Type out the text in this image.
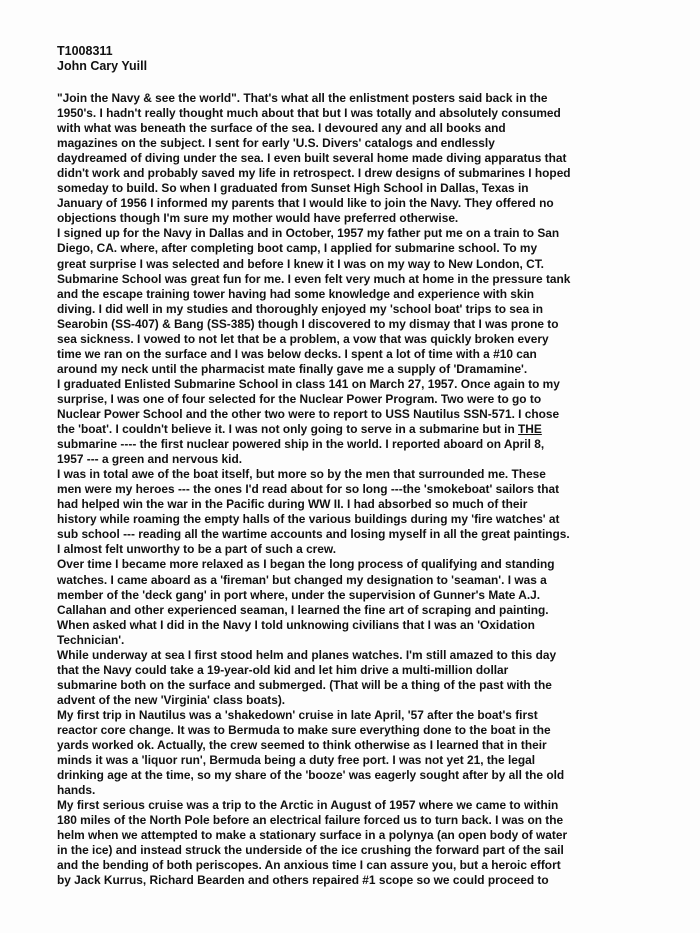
T1008311
John Cary Yuill
"Join the Navy & see the world". That's what all the enlistment posters said back in the
1950's. I hadn't really thought much about that but I was totally and absolutely consumed
with what was beneath the surface of the sea. I devoured any and all books and
magazines on the subject. I sent for early 'U.S. Divers' catalogs and endlessly
daydreamed of diving under the sea. I even built several home made diving apparatus that
didn't work and probably saved my life in retrospect. I drew designs of submarines I hoped
someday to build. So when I graduated from Sunset High School in Dallas, Texas in
January of 1956 I informed my parents that I would like to join the Navy. They offered no
objections though I'm sure my mother would have preferred otherwise.
I signed up for the Navy in Dallas and in October, 1957 my father put me on a train to San
Diego, CA. where, after completing boot camp, I applied for submarine school. To my
great surprise I was selected and before I knew it I was on my way to New London, CT.
Submarine School was great fun for me. I even felt very much at home in the pressure tank
and the escape training tower having had some knowledge and experience with skin
diving. I did well in my studies and thoroughly enjoyed my 'school boat' trips to sea in
Searobin (SS-407) & Bang (SS-385) though I discovered to my dismay that I was prone to
sea sickness. I vowed to not let that be a problem, a vow that was quickly broken every
time we ran on the surface and I was below decks. I spent a lot of time with a #10 can
around my neck until the pharmacist mate finally gave me a supply of 'Dramamine'.
I graduated Enlisted Submarine School in class 141 on March 27, 1957. Once again to my
surprise, I was one of four selected for the Nuclear Power Program. Two were to go to
Nuclear Power School and the other two were to report to USS Nautilus SSN-571. I chose
the 'boat'. I couldn't believe it. I was not only going to serve in a submarine but in THE
submarine ---- the first nuclear powered ship in the world. I reported aboard on April 8,
1957 --- a green and nervous kid.
I was in total awe of the boat itself, but more so by the men that surrounded me. These
men were my heroes --- the ones I'd read about for so long ---the 'smokeboat' sailors that
had helped win the war in the Pacific during WW II. I had absorbed so much of their
history while roaming the empty halls of the various buildings during my 'fire watches' at
sub school --- reading all the wartime accounts and losing myself in all the great paintings.
I almost felt unworthy to be a part of such a crew.
Over time I became more relaxed as I began the long process of qualifying and standing
watches. I came aboard as a 'fireman' but changed my designation to 'seaman'. I was a
member of the 'deck gang' in port where, under the supervision of Gunner's Mate A.J.
Callahan and other experienced seaman, I learned the fine art of scraping and painting.
When asked what I did in the Navy I told unknowing civilians that I was an 'Oxidation
Technician'.
While underway at sea I first stood helm and planes watches. I'm still amazed to this day
that the Navy could take a 19-year-old kid and let him drive a multi-million dollar
submarine both on the surface and submerged. (That will be a thing of the past with the
advent of the new 'Virginia' class boats).
My first trip in Nautilus was a 'shakedown' cruise in late April, '57 after the boat's first
reactor core change. It was to Bermuda to make sure everything done to the boat in the
yards worked ok. Actually, the crew seemed to think otherwise as I learned that in their
minds it was a 'liquor run', Bermuda being a duty free port. I was not yet 21, the legal
drinking age at the time, so my share of the 'booze' was eagerly sought after by all the old
hands.
My first serious cruise was a trip to the Arctic in August of 1957 where we came to within
180 miles of the North Pole before an electrical failure forced us to turn back. I was on the
helm when we attempted to make a stationary surface in a polynya (an open body of water
in the ice) and instead struck the underside of the ice crushing the forward part of the sail
and the bending of both periscopes. An anxious time I can assure you, but a heroic effort
by Jack Kurrus, Richard Bearden and others repaired #1 scope so we could proceed to
